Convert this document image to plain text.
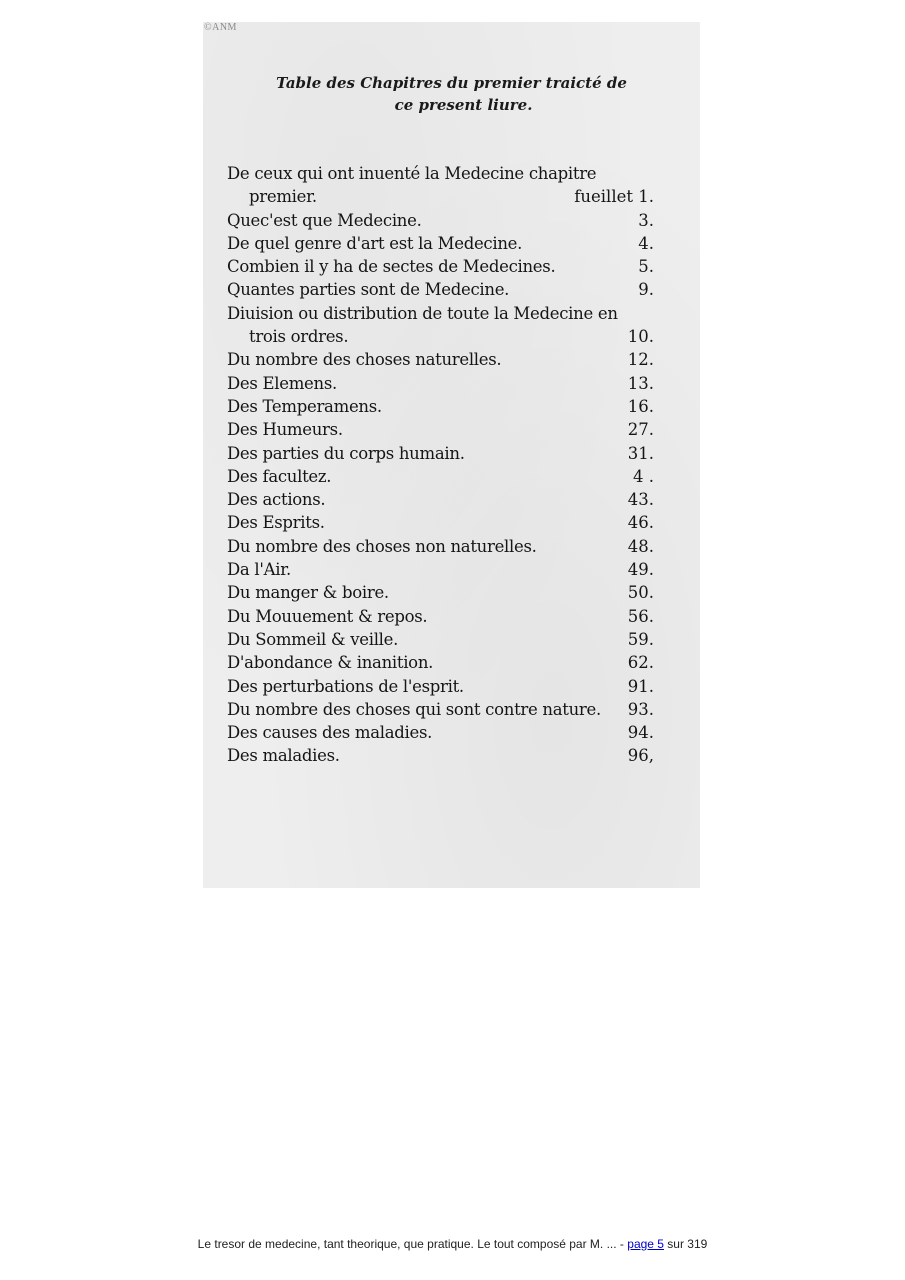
©ANM
Table des Chapitres du premier traicté de
ce present liure.
De ceux qui ont inuenté la Medecine chapitre
premier.	fueillet 1.
Quec'est que Medecine.	3.
De quel genre d'art est la Medecine.	4.
Combien il y ha de sectes de Medecines.	5.
Quantes parties sont de Medecine.	9.
Diuision ou distribution de toute la Medecine en
trois ordres.	10.
Du nombre des choses naturelles.	12.
Des Elemens.	13.
Des Temperamens.	16.
Des Humeurs.	27.
Des parties du corps humain.	31.
Des facultez.	4 .
Des actions.	43.
Des Esprits.	46.
Du nombre des choses non naturelles.	48.
Da l'Air.	49.
Du manger & boire.	50.
Du Mouuement & repos.	56.
Du Sommeil & veille.	59.
D'abondance & inanition.	62.
Des perturbations de l'esprit.	91.
Du nombre des choses qui sont contre nature.	93.
Des causes des maladies.	94.
Des maladies.	96,
Le tresor de medecine, tant theorique, que pratique. Le tout composé par M. ... - page 5 sur 319
